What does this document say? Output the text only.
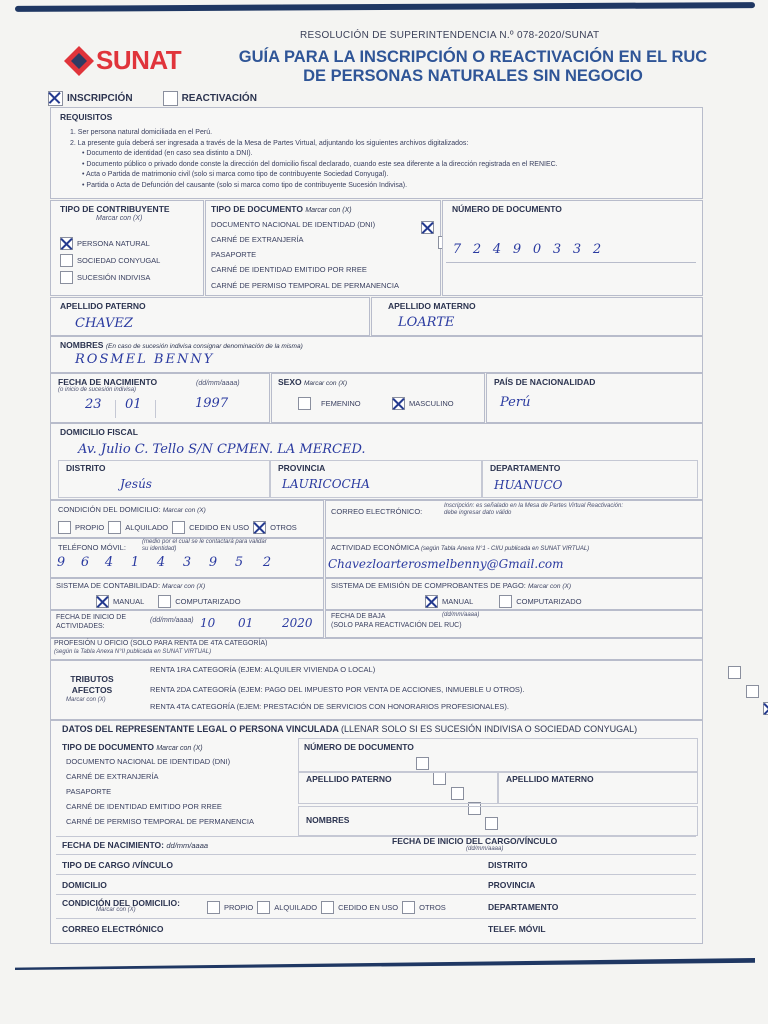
SUNAT
RESOLUCIÓN DE SUPERINTENDENCIA N.º 078-2020/SUNAT
GUÍA PARA LA INSCRIPCIÓN O REACTIVACIÓN EN EL RUC
DE PERSONAS NATURALES SIN NEGOCIO
INSCRIPCIÓN	REACTIVACIÓN
REQUISITOS
1. Ser persona natural domiciliada en el Perú.
2. La presente guía deberá ser ingresada a través de la Mesa de Partes Virtual, adjuntando los siguientes archivos digitalizados:
• Documento de identidad (en caso sea distinto a DNI).
• Documento público o privado donde conste la dirección del domicilio fiscal declarado, cuando este sea diferente a la dirección registrada en el RENIEC.
• Acta o Partida de matrimonio civil (solo si marca como tipo de contribuyente Sociedad Conyugal).
• Partida o Acta de Defunción del causante (solo si marca como tipo de contribuyente Sucesión Indivisa).
TIPO DE CONTRIBUYENTE
Marcar con (X)
PERSONA NATURAL
SOCIEDAD CONYUGAL
SUCESIÓN INDIVISA
TIPO DE DOCUMENTO Marcar con (X)
DOCUMENTO NACIONAL DE IDENTIDAD (DNI)
CARNÉ DE EXTRANJERÍA
PASAPORTE
CARNÉ DE IDENTIDAD EMITIDO POR RREE
CARNÉ DE PERMISO TEMPORAL DE PERMANENCIA

NÚMERO DE DOCUMENTO
7 2 4 9 0 3 3 2
APELLIDO PATERNO
CHAVEZ
APELLIDO MATERNO
LOARTE
NOMBRES (En caso de sucesión indivisa consignar denominación de la misma)
ROSMEL BENNY
FECHA DE NACIMIENTO
(o inicio de sucesión indivisa)
(dd/mm/aaaa)
23 01	1997
SEXO Marcar con (X)
FEMENINO	MASCULINO
PAÍS DE NACIONALIDAD
Perú
DOMICILIO FISCAL
Av. Julio C. Tello S/N CPMEN. LA MERCED.
DISTRITO
Jesús
PROVINCIA
LAURICOCHA
DEPARTAMENTO
HUANUCO
CONDICIÓN DEL DOMICILIO: Marcar con (X)
PROPIO	ALQUILADO	CEDIDO EN USO	OTROS
CORREO ELECTRÓNICO:
Inscripción: es señalado en la Mesa de Partes Virtual Reactivación: debe ingresar dato válido
TELÉFONO MÓVIL:
(medio por el cual se le contactará para validar su identidad)
9 6 4 1 4 3 9 5 2
ACTIVIDAD ECONÓMICA (según Tabla Anexa N°1 - CIIU publicada en SUNAT VIRTUAL)
Chavezloarterosmelbenny@Gmail.com
SISTEMA DE CONTABILIDAD: Marcar con (X)
MANUAL	COMPUTARIZADO
SISTEMA DE EMISIÓN DE COMPROBANTES DE PAGO: Marcar con (X)
MANUAL	COMPUTARIZADO
FECHA DE INICIO DE ACTIVIDADES:
(dd/mm/aaaa) 10 01 2020	FECHA DE BAJA
(SOLO PARA REACTIVACIÓN DEL RUC)
(dd/mm/aaaa)
PROFESIÓN U OFICIO (SOLO PARA RENTA DE 4TA CATEGORÍA)
(según la Tabla Anexa N°II publicada en SUNAT VIRTUAL)
TRIBUTOS AFECTOS
Marcar con (X)
RENTA 1RA CATEGORÍA (EJEM: ALQUILER VIVIENDA O LOCAL)
RENTA 2DA CATEGORÍA (EJEM: PAGO DEL IMPUESTO POR VENTA DE ACCIONES, INMUEBLE U OTROS).
RENTA 4TA CATEGORÍA (EJEM: PRESTACIÓN DE SERVICIOS CON HONORARIOS PROFESIONALES).

DATOS DEL REPRESENTANTE LEGAL O PERSONA VINCULADA (LLENAR SOLO SI ES SUCESIÓN INDIVISA O SOCIEDAD CONYUGAL)
TIPO DE DOCUMENTO Marcar con (X)
DOCUMENTO NACIONAL DE IDENTIDAD (DNI)
CARNÉ DE EXTRANJERÍA
PASAPORTE
CARNÉ DE IDENTIDAD EMITIDO POR RREE
CARNÉ DE PERMISO TEMPORAL DE PERMANENCIA

NÚMERO DE DOCUMENTO
APELLIDO PATERNO	APELLIDO MATERNO
NOMBRES
FECHA DE NACIMIENTO: dd/mm/aaaa	FECHA DE INICIO DEL CARGO/VÍNCULO
(dd/mm/aaaa)
TIPO DE CARGO /VÍNCULO	DISTRITO
DOMICILIO	PROVINCIA
CONDICIÓN DEL DOMICILIO:
Marcar con (X)	PROPIO	ALQUILADO	CEDIDO EN USO	OTROS	DEPARTAMENTO
CORREO ELECTRÓNICO	TELEF. MÓVIL
